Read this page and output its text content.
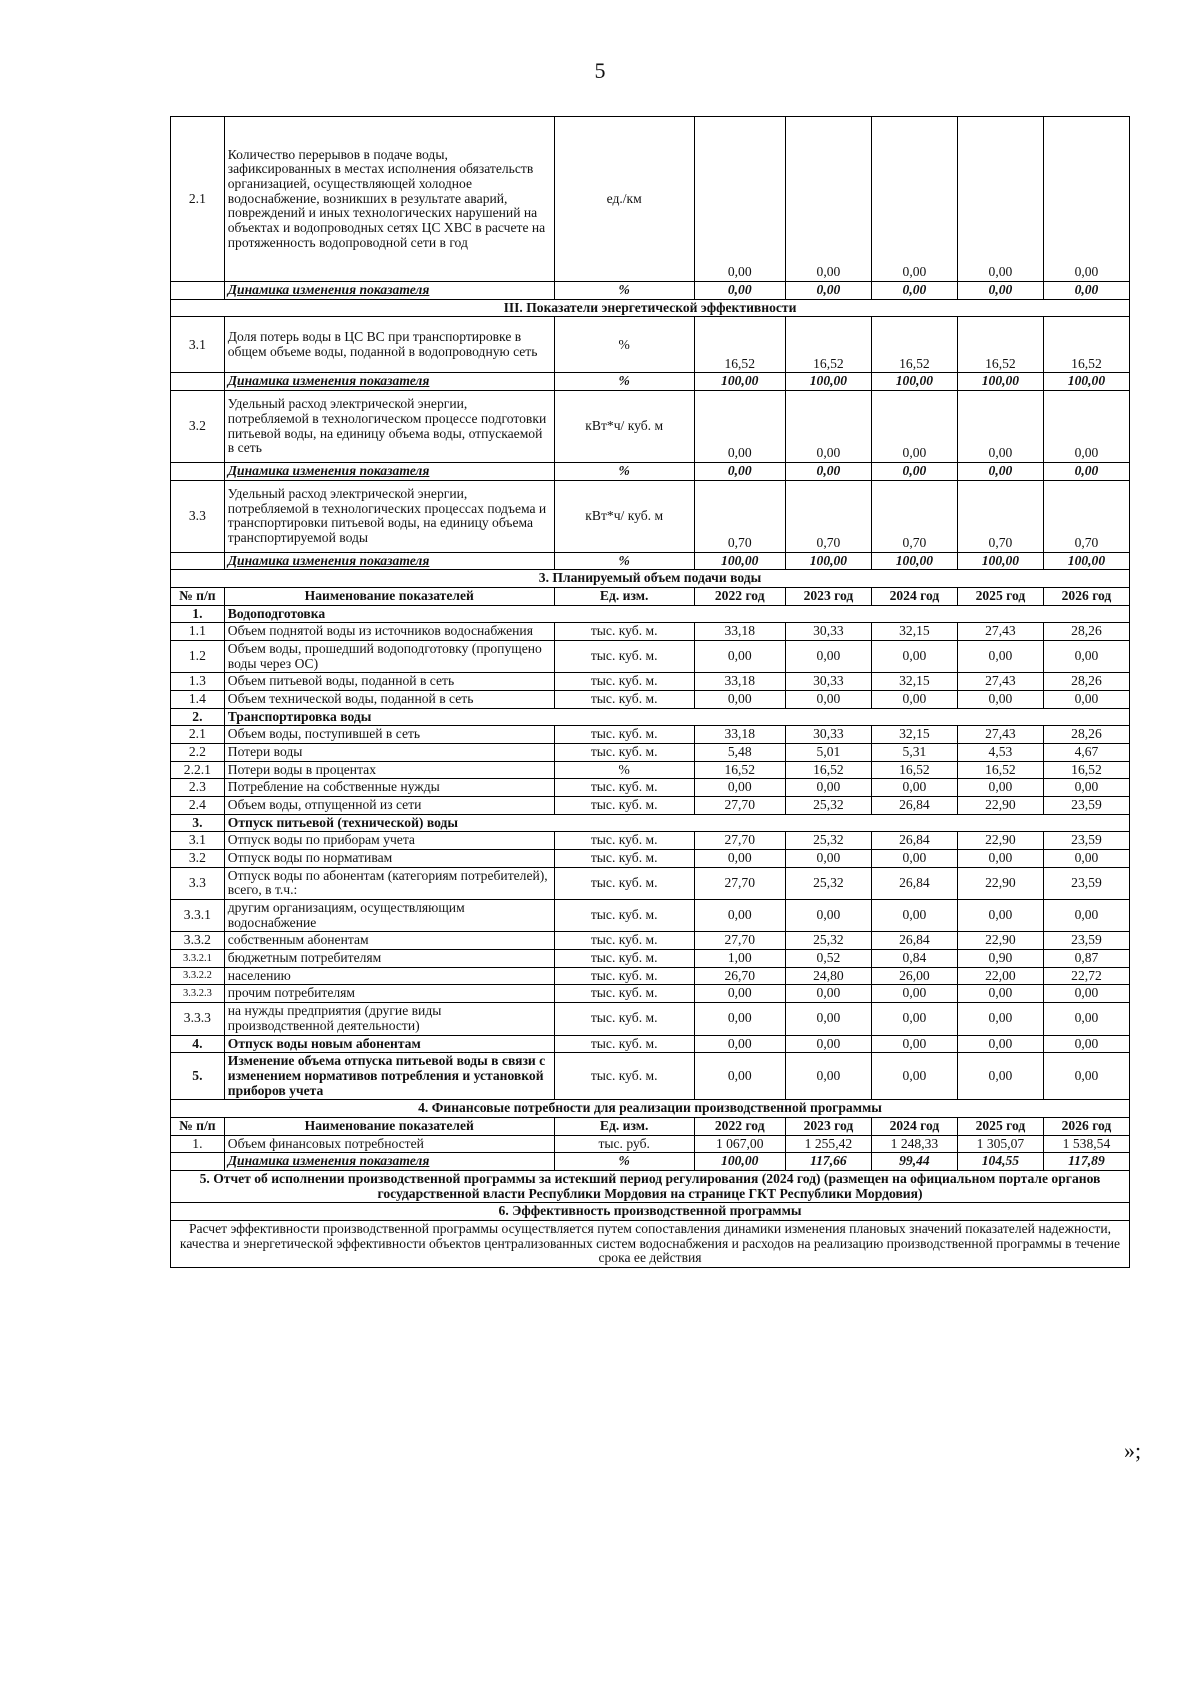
5
2.1	Количество перерывов в подаче воды, зафиксированных в местах исполнения обязательств организацией, осуществляющей холодное водоснабжение, возникших в результате аварий, повреждений и иных технологических нарушений на объектах и водопроводных сетях ЦС ХВС в расчете на протяженность водопроводной сети в год	ед./км	0,00	0,00	0,00	0,00	0,00
	Динамика изменения показателя	%	0,00	0,00	0,00	0,00	0,00
III. Показатели энергетической эффективности							
3.1	Доля потерь воды в ЦС ВС при транспортировке в общем объеме воды, поданной в водопроводную сеть	%	16,52	16,52	16,52	16,52	16,52
	Динамика изменения показателя	%	100,00	100,00	100,00	100,00	100,00
3.2	Удельный расход электрической энергии, потребляемой в технологическом процессе подготовки питьевой воды, на единицу объема воды, отпускаемой в сеть	кВт*ч/ куб. м	0,00	0,00	0,00	0,00	0,00
	Динамика изменения показателя	%	0,00	0,00	0,00	0,00	0,00
3.3	Удельный расход электрической энергии, потребляемой в технологических процессах подъема и транспортировки питьевой воды, на единицу объема транспортируемой воды	кВт*ч/ куб. м	0,70	0,70	0,70	0,70	0,70
	Динамика изменения показателя	%	100,00	100,00	100,00	100,00	100,00
3. Планируемый объем подачи воды							
№ п/п	Наименование показателей	Ед. изм.	2022 год	2023 год	2024 год	2025 год	2026 год
1.	Водоподготовка						
1.1	Объем поднятой воды из источников водоснабжения	тыс. куб. м.	33,18	30,33	32,15	27,43	28,26
1.2	Объем воды, прошедший водоподготовку (пропущено воды через ОС)	тыс. куб. м.	0,00	0,00	0,00	0,00	0,00
1.3	Объем питьевой воды, поданной в сеть	тыс. куб. м.	33,18	30,33	32,15	27,43	28,26
1.4	Объем технической воды, поданной в сеть	тыс. куб. м.	0,00	0,00	0,00	0,00	0,00
2.	Транспортировка воды						
2.1	Объем воды, поступившей в сеть	тыс. куб. м.	33,18	30,33	32,15	27,43	28,26
2.2	Потери воды	тыс. куб. м.	5,48	5,01	5,31	4,53	4,67
2.2.1	Потери воды в процентах	%	16,52	16,52	16,52	16,52	16,52
2.3	Потребление на собственные нужды	тыс. куб. м.	0,00	0,00	0,00	0,00	0,00
2.4	Объем воды, отпущенной из сети	тыс. куб. м.	27,70	25,32	26,84	22,90	23,59
3.	Отпуск питьевой (технической) воды						
3.1	Отпуск воды по приборам учета	тыс. куб. м.	27,70	25,32	26,84	22,90	23,59
3.2	Отпуск воды по нормативам	тыс. куб. м.	0,00	0,00	0,00	0,00	0,00
3.3	Отпуск воды по абонентам (категориям потребителей), всего, в т.ч.:	тыс. куб. м.	27,70	25,32	26,84	22,90	23,59
3.3.1	другим организациям, осуществляющим водоснабжение	тыс. куб. м.	0,00	0,00	0,00	0,00	0,00
3.3.2	собственным абонентам	тыс. куб. м.	27,70	25,32	26,84	22,90	23,59
3.3.2.1	бюджетным потребителям	тыс. куб. м.	1,00	0,52	0,84	0,90	0,87
3.3.2.2	населению	тыс. куб. м.	26,70	24,80	26,00	22,00	22,72
3.3.2.3	прочим потребителям	тыс. куб. м.	0,00	0,00	0,00	0,00	0,00
3.3.3	на нужды предприятия (другие виды производственной деятельности)	тыс. куб. м.	0,00	0,00	0,00	0,00	0,00
4.	Отпуск воды новым абонентам	тыс. куб. м.	0,00	0,00	0,00	0,00	0,00
5.	Изменение объема отпуска питьевой воды в связи с изменением нормативов потребления и установкой приборов учета	тыс. куб. м.	0,00	0,00	0,00	0,00	0,00
4. Финансовые потребности для реализации производственной программы							
№ п/п	Наименование показателей	Ед. изм.	2022 год	2023 год	2024 год	2025 год	2026 год
1.	Объем финансовых потребностей	тыс. руб.	1 067,00	1 255,42	1 248,33	1 305,07	1 538,54
	Динамика изменения показателя	%	100,00	117,66	99,44	104,55	117,89
5. Отчет об исполнении производственной программы за истекший период регулирования (2024 год) (размещен на официальном портале органов государственной власти Республики Мордовия на странице ГКТ Республики Мордовия)							
6. Эффективность производственной программы							
Расчет эффективности производственной программы осуществляется путем сопоставления динамики изменения плановых значений показателей надежности, качества и энергетической эффективности объектов централизованных систем водоснабжения и расходов на реализацию производственной программы в течение срока ее действия							
»;
